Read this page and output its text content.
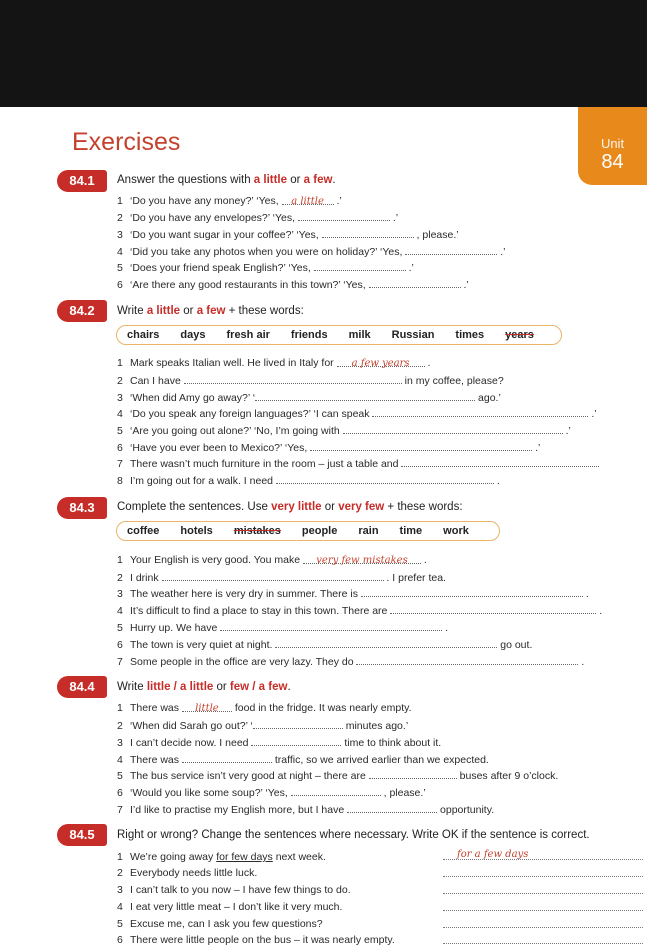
Exercises	Unit
84
84.1	Answer the questions with a little or a few.
1 ‘Do you have any money?’ ‘Yes, a little .’
2 ‘Do you have any envelopes?’ ‘Yes,	.’
3 ‘Do you want sugar in your coffee?’ ‘Yes,	, please.’
4 ‘Did you take any photos when you were on holiday?’ ‘Yes,	.’
5 ‘Does your friend speak English?’ ‘Yes,	.’
6 ‘Are there any good restaurants in this town?’ ‘Yes,	.’
84.2	Write a little or a few + these words:
chairs days fresh air friends milk Russian times years
1 Mark speaks Italian well. He lived in Italy for a few years .
2 Can I have	in my coffee, please?
3 ‘When did Amy go away?’ ‘	ago.’
4 ‘Do you speak any foreign languages?’ ‘I can speak	.’
5 ‘Are you going out alone?’ ‘No, I’m going with	.’
6 ‘Have you ever been to Mexico?’ ‘Yes,	.’
7 There wasn’t much furniture in the room – just a table and
8 I’m going out for a walk. I need	.
84.3	Complete the sentences. Use very little or very few + these words:
coffee hotels mistakes people rain time work
1 Your English is very good. You make very few mistakes .
2 I drink	. I prefer tea.
3 The weather here is very dry in summer. There is	.
4 It’s difficult to find a place to stay in this town. There are	.
5 Hurry up. We have	.
6 The town is very quiet at night.	go out.
7 Some people in the office are very lazy. They do	.
84.4	Write little / a little or few / a few.
1 There was little food in the fridge. It was nearly empty.
2 ‘When did Sarah go out?’ ‘	minutes ago.’
3 I can’t decide now. I need	time to think about it.
4 There was	traffic, so we arrived earlier than we expected.
5 The bus service isn’t very good at night – there are	buses after 9 o’clock.
6 ‘Would you like some soup?’ ‘Yes,	, please.’
7 I’d like to practise my English more, but I have	opportunity.
84.5	Right or wrong? Change the sentences where necessary. Write OK if the sentence is correct.
1 We’re going away for few days next week.	for a few days
2 Everybody needs little luck.
3 I can’t talk to you now – I have few things to do.
4 I eat very little meat – I don’t like it very much.
5 Excuse me, can I ask you few questions?
6 There were little people on the bus – it was nearly empty.
